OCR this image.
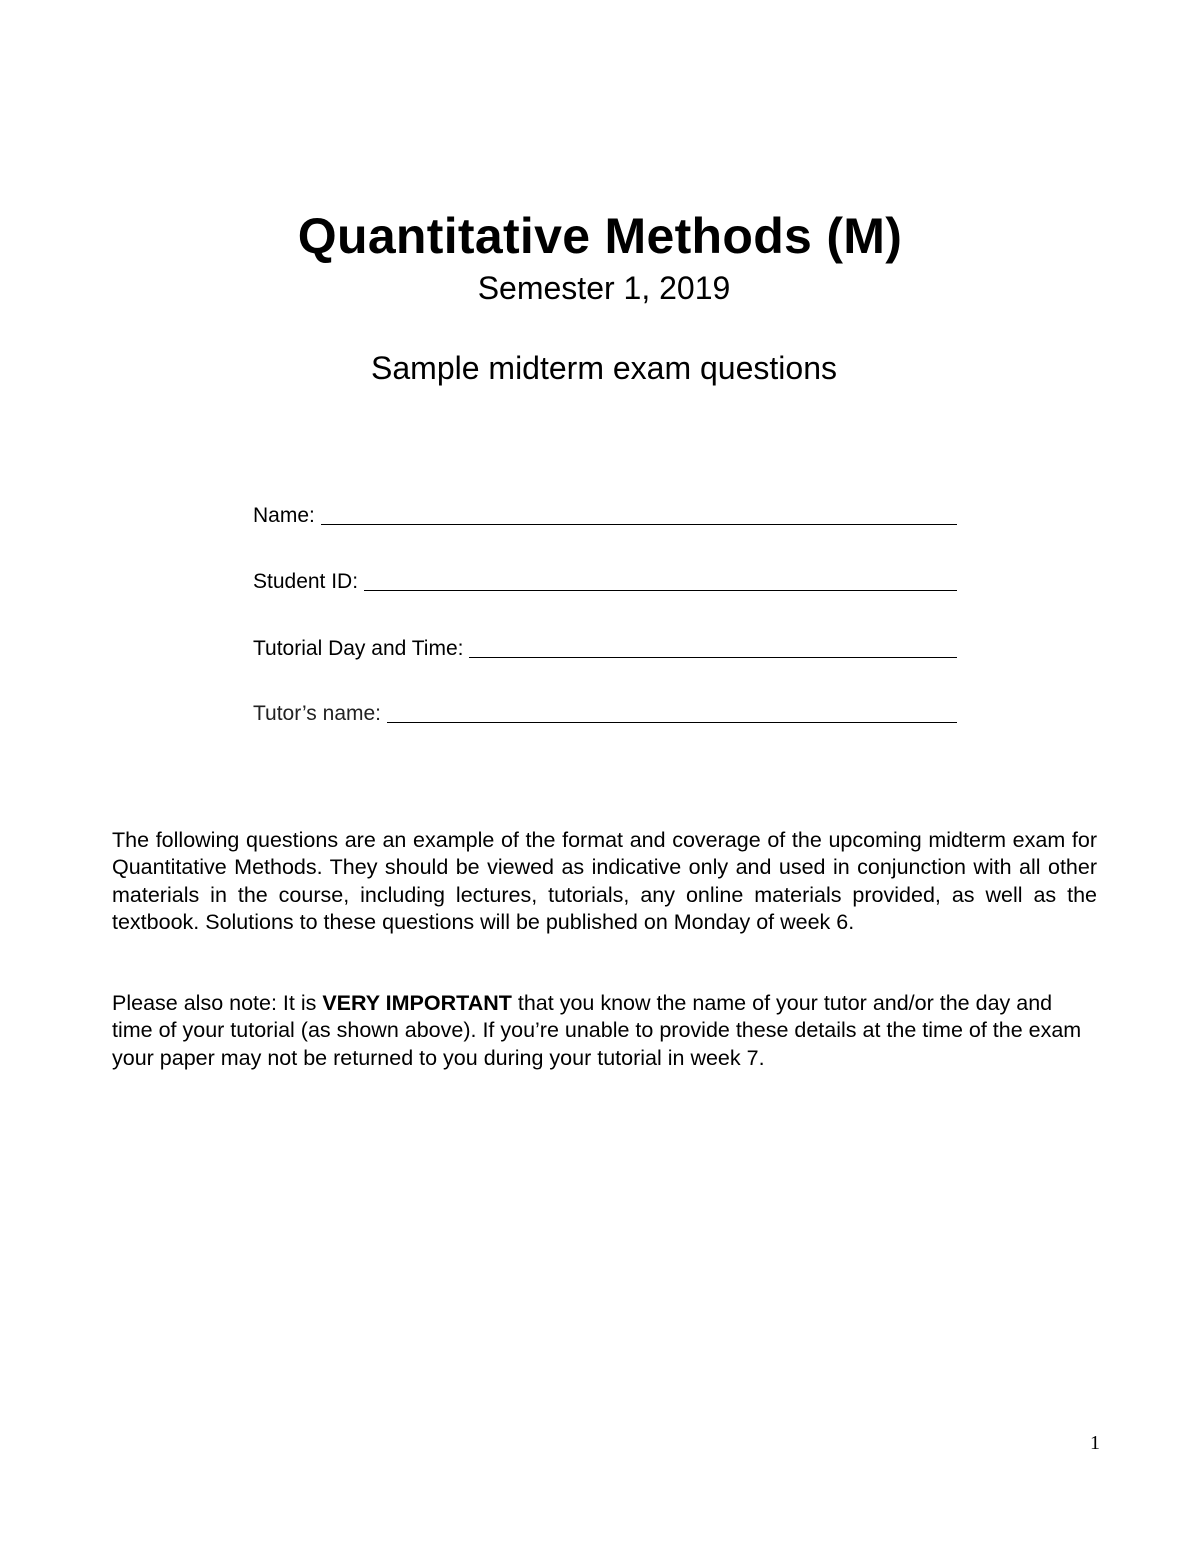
Quantitative Methods (M)
Semester 1, 2019
Sample midterm exam questions
Name:
Student ID:
Tutorial Day and Time:
Tutor’s name:

The following questions are an example of the format and coverage of the upcoming midterm exam for Quantitative Methods. They should be viewed as indicative only and used in conjunction with all other materials in the course, including lectures, tutorials, any online materials provided, as well as the textbook. Solutions to these questions will be published on Monday of week 6.

Please also note: It is VERY IMPORTANT that you know the name of your tutor and/or the day and time of your tutorial (as shown above). If you’re unable to provide these details at the time of the exam your paper may not be returned to you during your tutorial in week 7.

1
